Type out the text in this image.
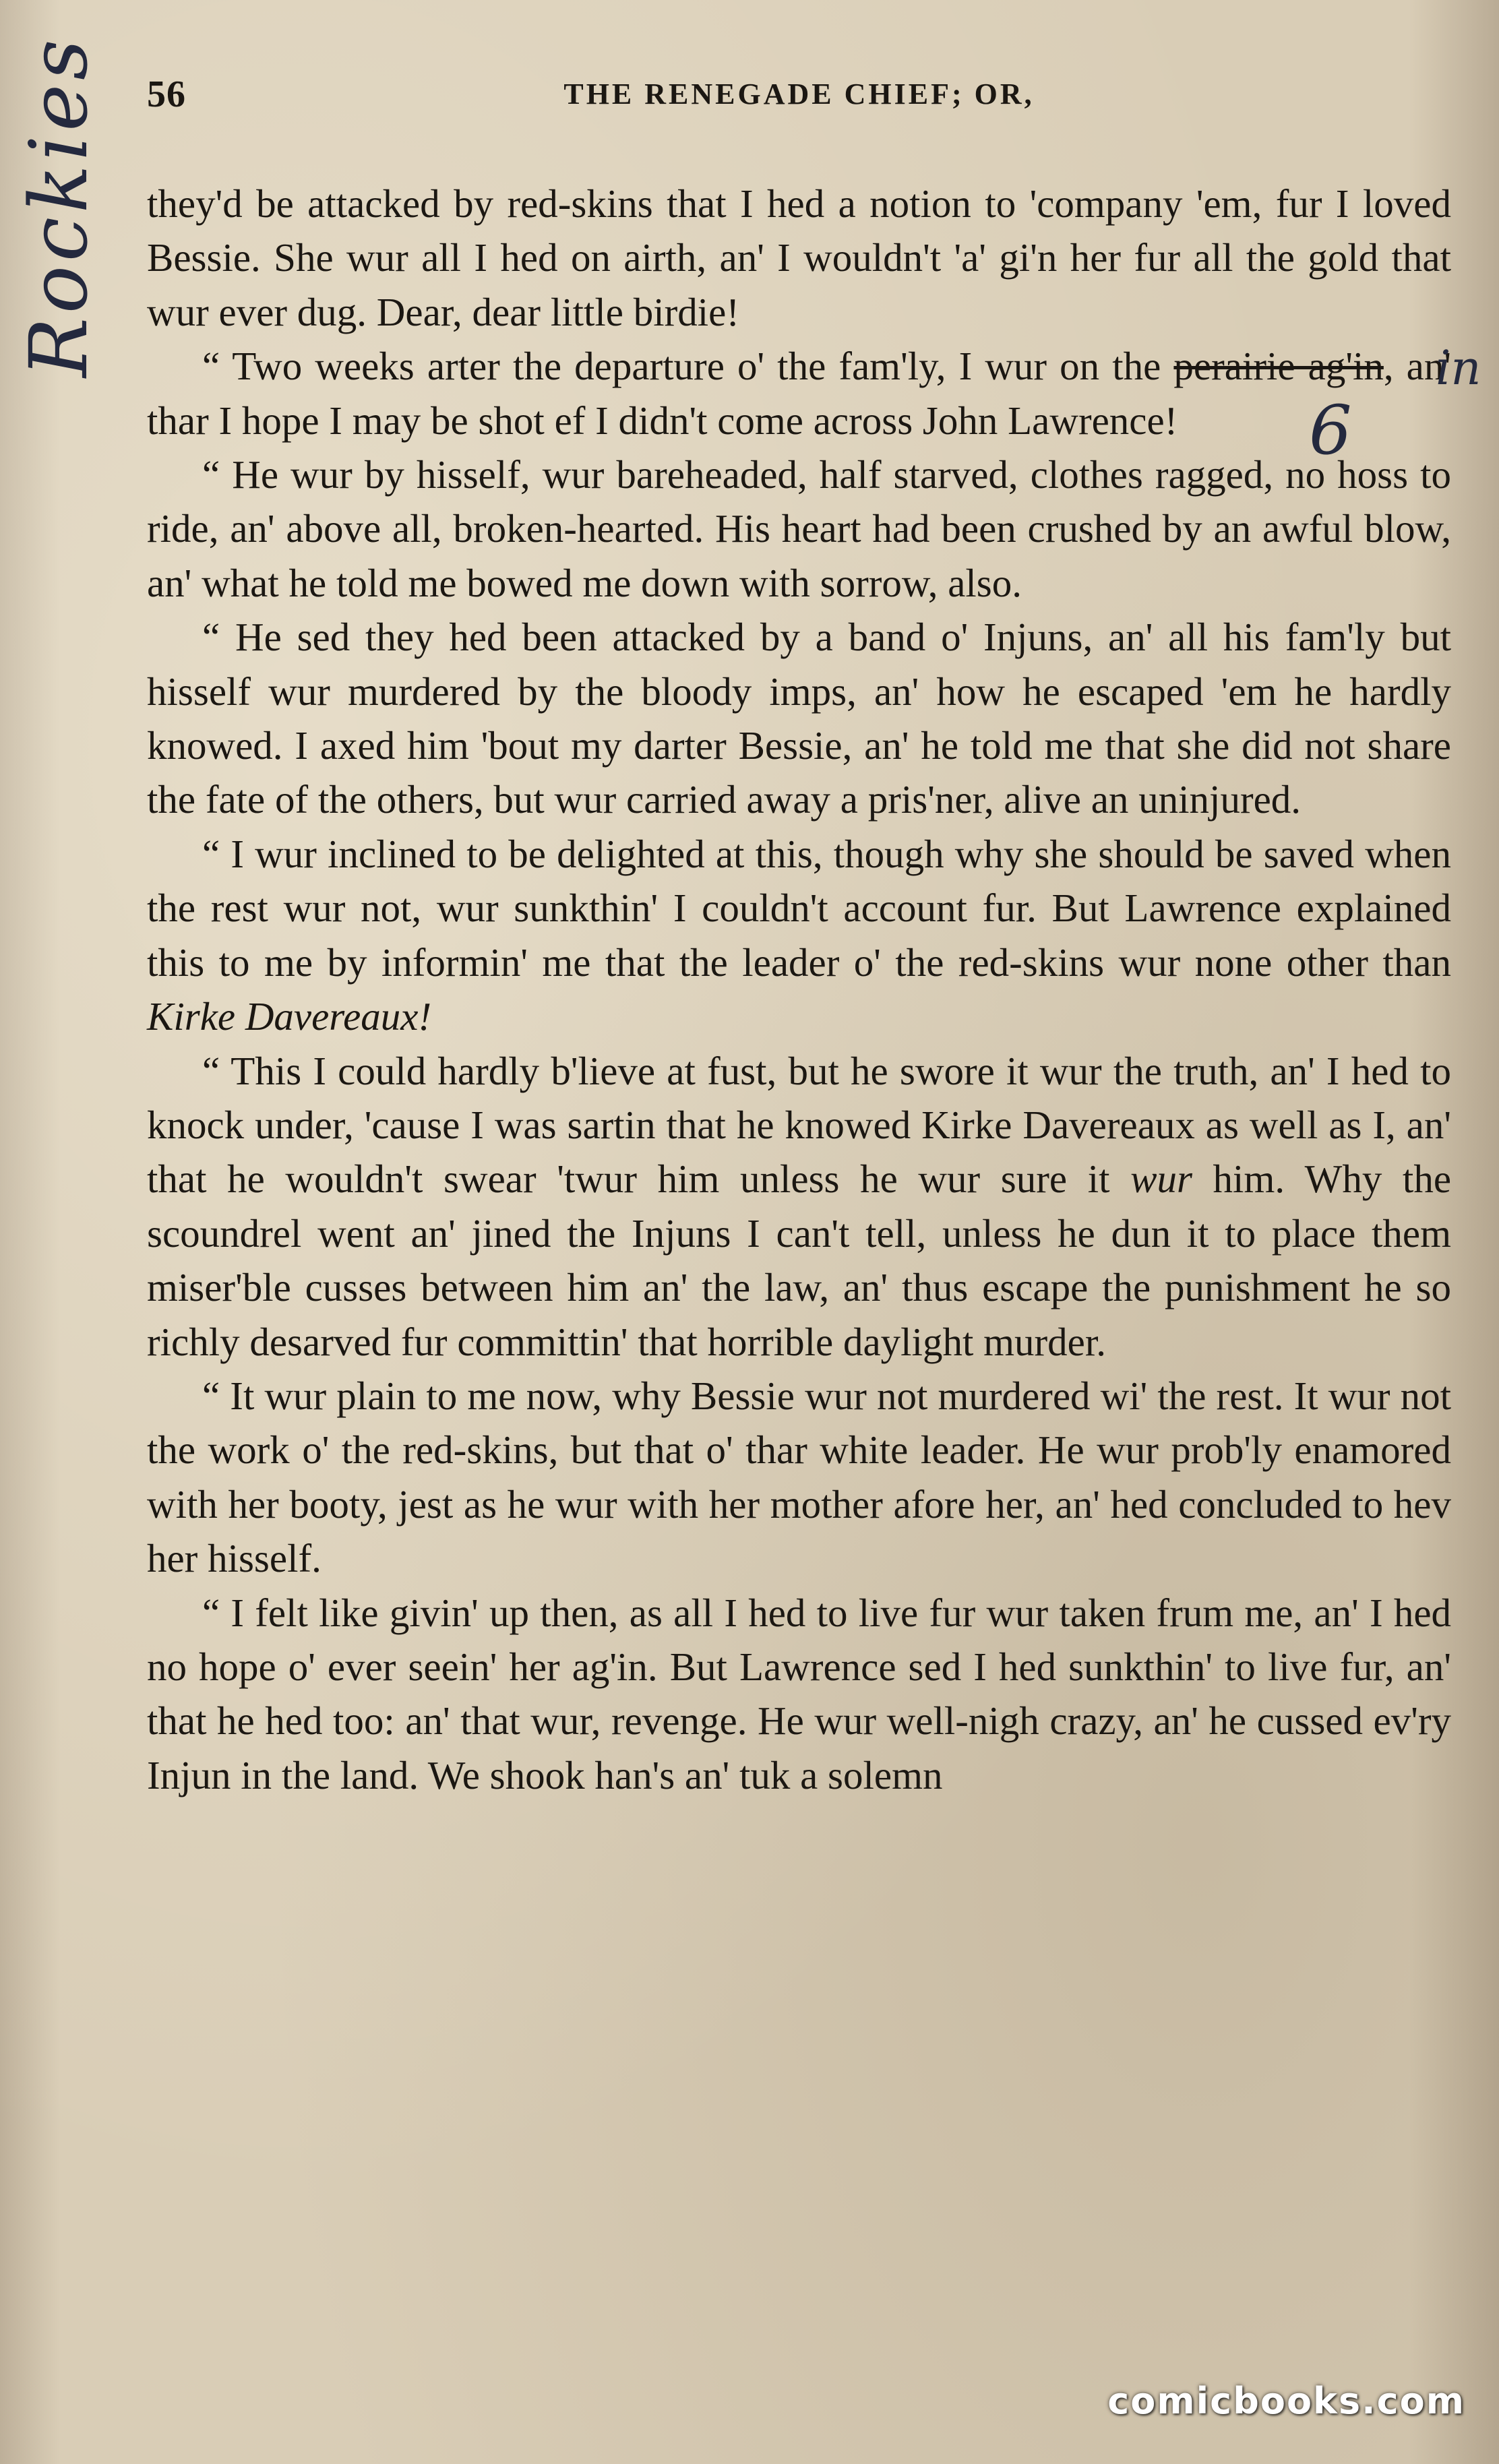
56	THE RENEGADE CHIEF; OR,

they'd be attacked by red-skins that I hed a notion to 'company 'em, fur I loved Bessie. She wur all I hed on airth, an' I wouldn't 'a' gi'n her fur all the gold that wur ever dug. Dear, dear little birdie!

“ Two weeks arter the departure o' the fam'ly, I wur on the perairie ag'in, an' thar I hope I may be shot ef I didn't come across John Lawrence!

“ He wur by hisself, wur bareheaded, half starved, clothes ragged, no hoss to ride, an' above all, broken-hearted. His heart had been crushed by an awful blow, an' what he told me bowed me down with sorrow, also.

“ He sed they hed been attacked by a band o' Injuns, an' all his fam'ly but hisself wur murdered by the bloody imps, an' how he escaped 'em he hardly knowed. I axed him 'bout my darter Bessie, an' he told me that she did not share the fate of the others, but wur carried away a pris'ner, alive an uninjured.

“ I wur inclined to be delighted at this, though why she should be saved when the rest wur not, wur sunkthin' I couldn't account fur. But Lawrence explained this to me by informin' me that the leader o' the red-skins wur none other than Kirke Davereaux!

“ This I could hardly b'lieve at fust, but he swore it wur the truth, an' I hed to knock under, 'cause I was sartin that he knowed Kirke Davereaux as well as I, an' that he wouldn't swear 'twur him unless he wur sure it wur him. Why the scoundrel went an' jined the Injuns I can't tell, unless he dun it to place them miser'ble cusses between him an' the law, an' thus escape the punishment he so richly desarved fur committin' that horrible daylight murder.

“ It wur plain to me now, why Bessie wur not murdered wi' the rest. It wur not the work o' the red-skins, but that o' thar white leader. He wur prob'ly enamored with her booty, jest as he wur with her mother afore her, an' hed concluded to hev her hisself.

“ I felt like givin' up then, as all I hed to live fur wur taken frum me, an' I hed no hope o' ever seein' her ag'in. But Lawrence sed I hed sunkthin' to live fur, an' that he hed too: an' that wur, revenge. He wur well-nigh crazy, an' he cussed ev'ry Injun in the land. We shook han's an' tuk a solemn

Rockies	in
6
comicbooks.com
